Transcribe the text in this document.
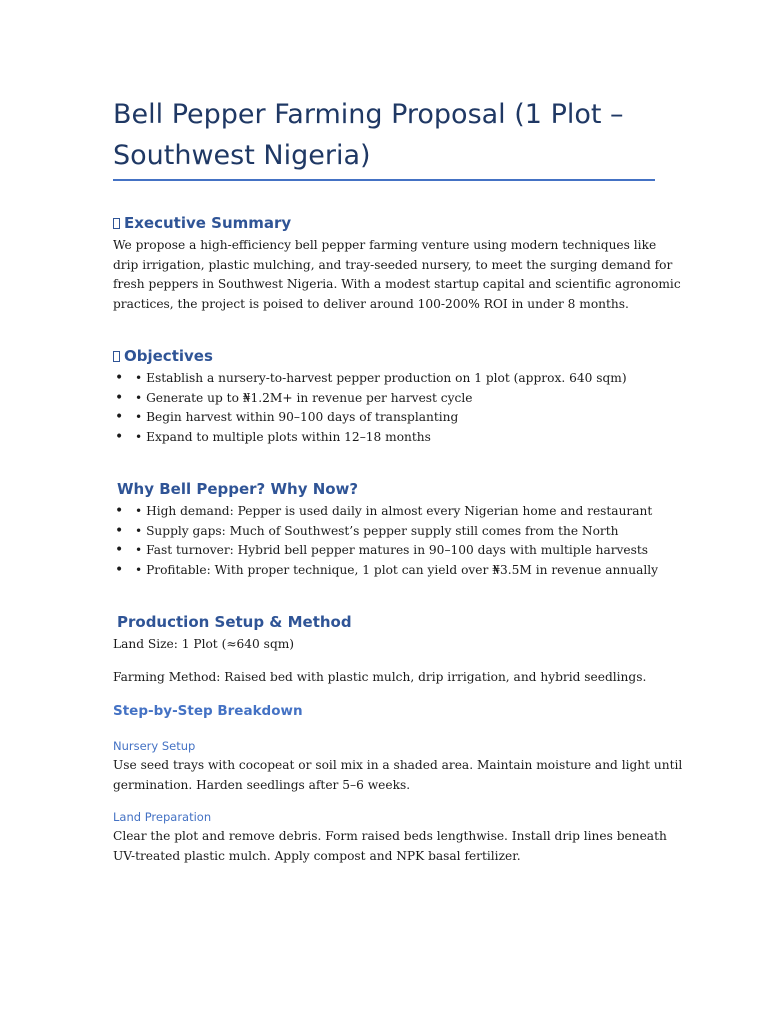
Bell Pepper Farming Proposal (1 Plot – Southwest Nigeria)
Executive Summary
We propose a high-efficiency bell pepper farming venture using modern techniques like
drip irrigation, plastic mulching, and tray-seeded nursery, to meet the surging demand for
fresh peppers in Southwest Nigeria. With a modest startup capital and scientific agronomic
practices, the project is poised to deliver around 100-200% ROI in under 8 months.
Objectives
• • Establish a nursery-to-harvest pepper production on 1 plot (approx. 640 sqm)
• • Generate up to ₦1.2M+ in revenue per harvest cycle
• • Begin harvest within 90–100 days of transplanting
• • Expand to multiple plots within 12–18 months
Why Bell Pepper? Why Now?
• • High demand: Pepper is used daily in almost every Nigerian home and restaurant
• • Supply gaps: Much of Southwest’s pepper supply still comes from the North
• • Fast turnover: Hybrid bell pepper matures in 90–100 days with multiple harvests
• • Profitable: With proper technique, 1 plot can yield over ₦3.5M in revenue annually
Production Setup & Method

Land Size: 1 Plot (≈640 sqm)

Farming Method: Raised bed with plastic mulch, drip irrigation, and hybrid seedlings.

Step-by-Step Breakdown
Nursery Setup
Use seed trays with cocopeat or soil mix in a shaded area. Maintain moisture and light until
germination. Harden seedlings after 5–6 weeks.
Land Preparation
Clear the plot and remove debris. Form raised beds lengthwise. Install drip lines beneath
UV-treated plastic mulch. Apply compost and NPK basal fertilizer.
